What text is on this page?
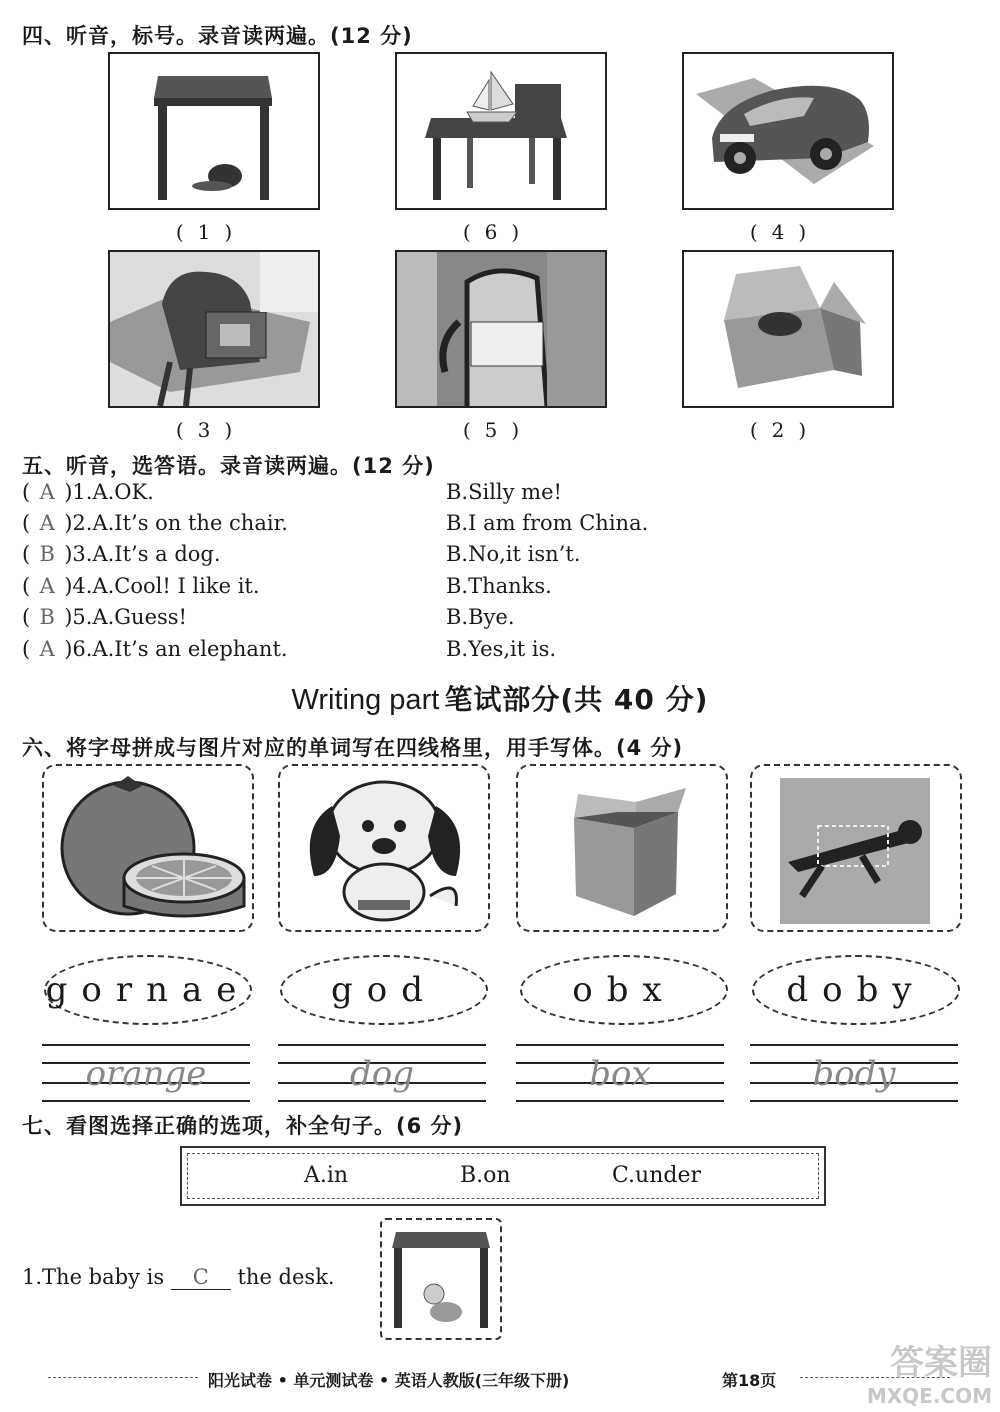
四、听音，标号。录音读两遍。(12 分)
(1)	(6)	(4)
(3)	(5)	(2)
五、听音，选答语。录音读两遍。(12 分)
( A )1.A.OK.	B.Silly me!
( A )2.A.It’s on the chair.	B.I am from China.
( B )3.A.It’s a dog.	B.No,it isn’t.
( A )4.A.Cool! I like it.	B.Thanks.
( B )5.A.Guess!	B.Bye.
( A )6.A.It’s an elephant.	B.Yes,it is.
Writing part 笔试部分(共 40 分)
六、将字母拼成与图片对应的单词写在四线格里，用手写体。(4 分)
gornae	god	obx	doby
orange	dog	box	body
七、看图选择正确的选项，补全句子。(6 分)
A.in	B.on	C.under
1.The baby is C the desk.
阳光试卷 • 单元测试卷 • 英语人教版(三年级下册)	第18页	答案圈
MXQE.COM
